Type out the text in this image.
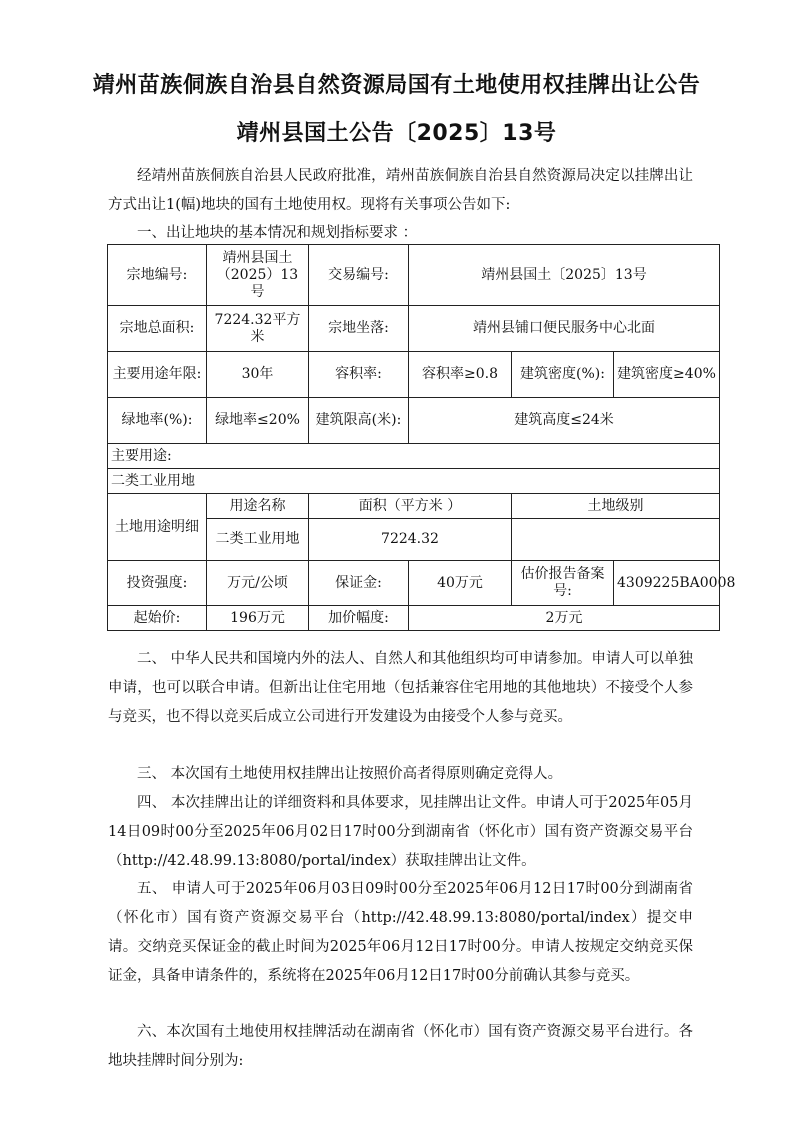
靖州苗族侗族自治县自然资源局国有土地使用权挂牌出让公告
靖州县国土公告〔2025〕13号
经靖州苗族侗族自治县人民政府批准，靖州苗族侗族自治县自然资源局决定以挂牌出让方式出让1(幅)地块的国有土地使用权。现将有关事项公告如下:
一、出让地块的基本情况和规划指标要求 ：
宗地编号:	靖州县国土（2025）13号	交易编号:	靖州县国土〔2025〕13号		
宗地总面积:	7224.32平方米	宗地坐落:	靖州县铺口便民服务中心北面		
主要用途年限:	30年	容积率:	容积率≥0.8	建筑密度(%):	建筑密度≥40%
绿地率(%):	绿地率≤20%	建筑限高(米):	建筑高度≤24米		
主要用途:					
二类工业用地					
土地用途明细	用途名称	面积（平方米 ）		土地级别	
	二类工业用地	7224.32			
投资强度:	万元/公顷	保证金:	40万元	估价报告备案号:	4309225BA0008
起始价:	196万元	加价幅度:	2万元		
二、 中华人民共和国境内外的法人、自然人和其他组织均可申请参加。申请人可以单独申请，也可以联合申请。但新出让住宅用地（包括兼容住宅用地的其他地块）不接受个人参与竞买，也不得以竞买后成立公司进行开发建设为由接受个人参与竞买。
三、 本次国有土地使用权挂牌出让按照价高者得原则确定竞得人。
四、 本次挂牌出让的详细资料和具体要求，见挂牌出让文件。申请人可于2025年05月14日09时00分至2025年06月02日17时00分到湖南省（怀化市）国有资产资源交易平台（http://42.48.99.13:8080/portal/index）获取挂牌出让文件。
五、 申请人可于2025年06月03日09时00分至2025年06月12日17时00分到湖南省（怀化市）国有资产资源交易平台（http://42.48.99.13:8080/portal/index）提交申请。交纳竞买保证金的截止时间为2025年06月12日17时00分。申请人按规定交纳竞买保证金，具备申请条件的，系统将在2025年06月12日17时00分前确认其参与竞买。
六、本次国有土地使用权挂牌活动在湖南省（怀化市）国有资产资源交易平台进行。各地块挂牌时间分别为:
